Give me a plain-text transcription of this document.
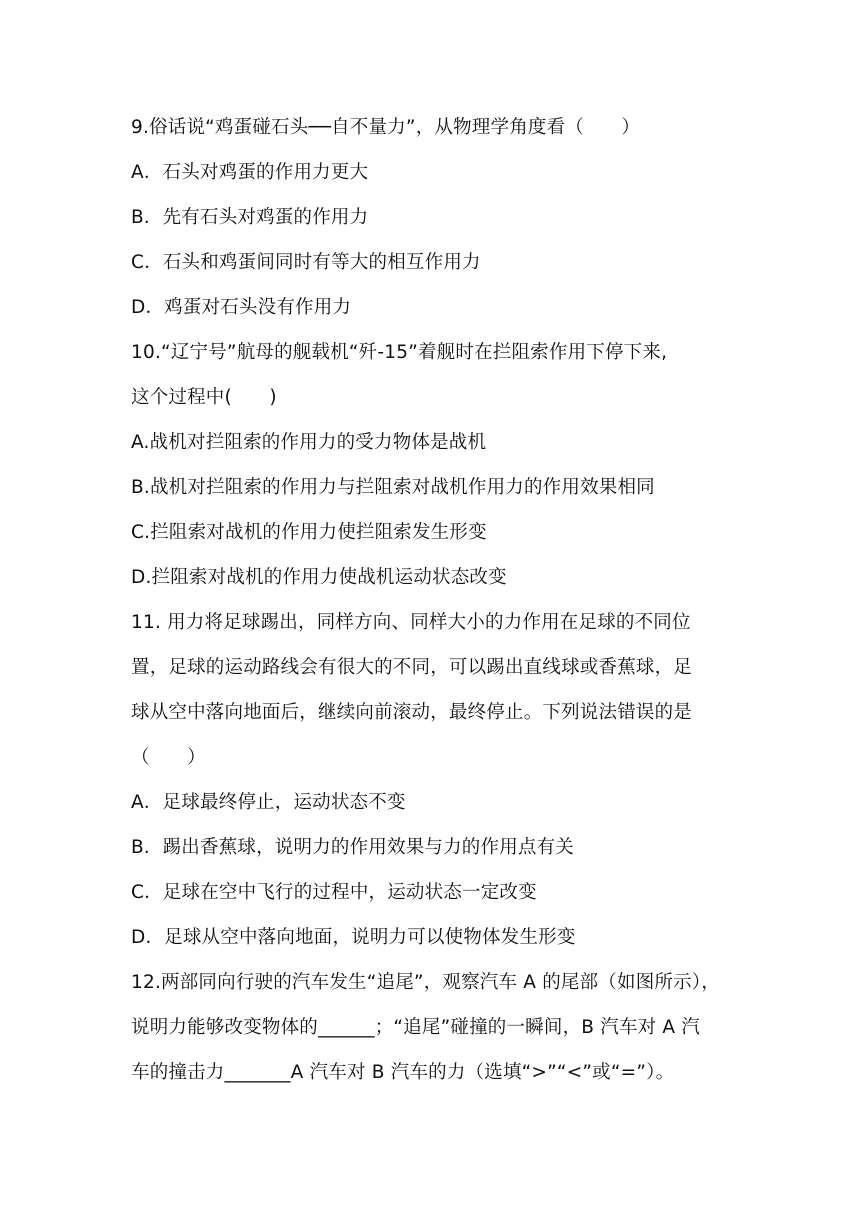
9.俗话说“鸡蛋碰石头──自不量力”，从物理学角度看（　　）
A．石头对鸡蛋的作用力更大
B．先有石头对鸡蛋的作用力
C．石头和鸡蛋间同时有等大的相互作用力
D．鸡蛋对石头没有作用力
10.“辽宁号”航母的舰载机“歼-15”着舰时在拦阻索作用下停下来,
这个过程中(　　)
A.战机对拦阻索的作用力的受力物体是战机
B.战机对拦阻索的作用力与拦阻索对战机作用力的作用效果相同
C.拦阻索对战机的作用力使拦阻索发生形变
D.拦阻索对战机的作用力使战机运动状态改变
11. 用力将足球踢出，同样方向、同样大小的力作用在足球的不同位
置，足球的运动路线会有很大的不同，可以踢出直线球或香蕉球，足
球从空中落向地面后，继续向前滚动，最终停止。下列说法错误的是
（　　）
A．足球最终停止，运动状态不变
B．踢出香蕉球，说明力的作用效果与力的作用点有关
C．足球在空中飞行的过程中，运动状态一定改变
D．足球从空中落向地面，说明力可以使物体发生形变
12.两部同向行驶的汽车发生“追尾”，观察汽车 A 的尾部（如图所示），
说明力能够改变物体的______；“追尾”碰撞的一瞬间，B 汽车对 A 汽
车的撞击力_______A 汽车对 B 汽车的力（选填“>”“<”或“=”）。
